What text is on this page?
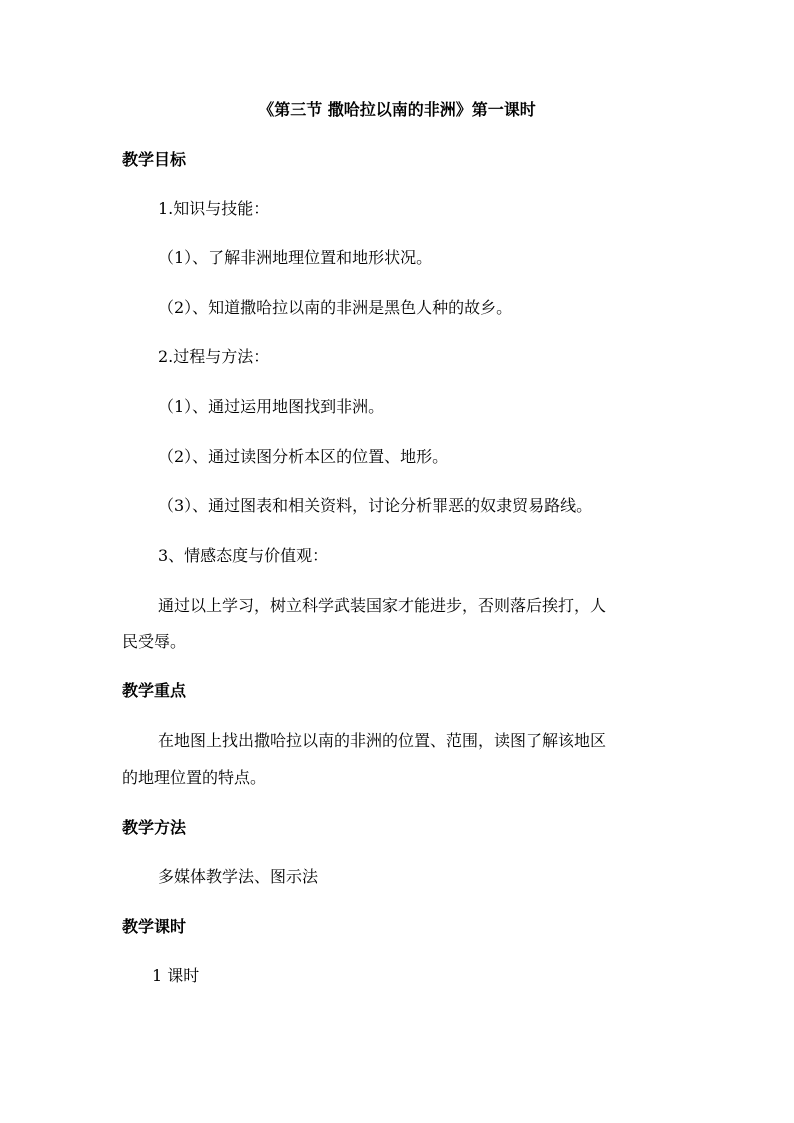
《第三节 撒哈拉以南的非洲》第一课时
教学目标
1.知识与技能：
（1）、了解非洲地理位置和地形状况。
（2）、知道撒哈拉以南的非洲是黑色人种的故乡。
2.过程与方法：
（1）、通过运用地图找到非洲。
（2）、通过读图分析本区的位置、地形。
（3）、通过图表和相关资料，讨论分析罪恶的奴隶贸易路线。
3、情感态度与价值观：
通过以上学习，树立科学武装国家才能进步，否则落后挨打，人
民受辱。
教学重点
在地图上找出撒哈拉以南的非洲的位置、范围，读图了解该地区
的地理位置的特点。
教学方法
多媒体教学法、图示法
教学课时
1 课时
